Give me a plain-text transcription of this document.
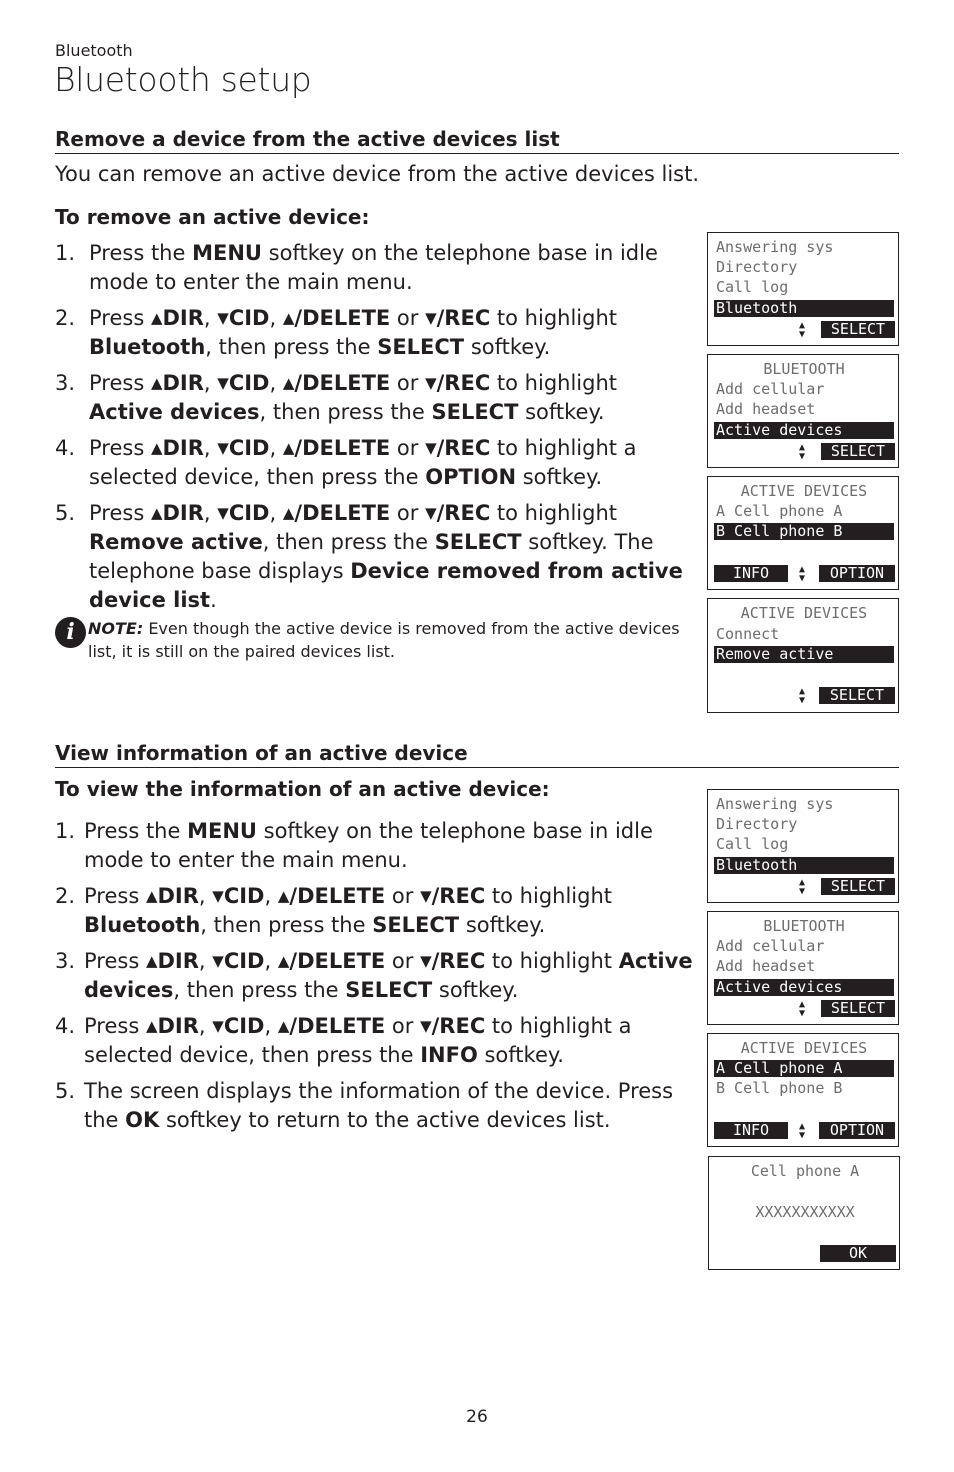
Bluetooth
Bluetooth setup
Remove a device from the active devices list
You can remove an active device from the active devices list.
To remove an active device:
1. Press the MENU softkey on the telephone base in idle mode to enter the main menu.
2. Press ▲DIR, ▼CID, ▲/DELETE or ▼/REC to highlight Bluetooth, then press the SELECT softkey.
3. Press ▲DIR, ▼CID, ▲/DELETE or ▼/REC to highlight Active devices, then press the SELECT softkey.
4. Press ▲DIR, ▼CID, ▲/DELETE or ▼/REC to highlight a selected device, then press the OPTION softkey.
5. Press ▲DIR, ▼CID, ▲/DELETE or ▼/REC to highlight Remove active, then press the SELECT softkey. The telephone base displays Device removed from active device list.
i NOTE: Even though the active device is removed from the active devices list, it is still on the paired devices list.
View information of an active device
To view the information of an active device:
1. Press the MENU softkey on the telephone base in idle mode to enter the main menu.
2. Press ▲DIR, ▼CID, ▲/DELETE or ▼/REC to highlight Bluetooth, then press the SELECT softkey.
3. Press ▲DIR, ▼CID, ▲/DELETE or ▼/REC to highlight Active devices, then press the SELECT softkey.
4. Press ▲DIR, ▼CID, ▲/DELETE or ▼/REC to highlight a selected device, then press the INFO softkey.
5. The screen displays the information of the device. Press the OK softkey to return to the active devices list.
Answering sys
Directory
Call log
Bluetooth
▲
▼	SELECT
BLUETOOTH
Add cellular
Add headset
Active devices
▲
▼	SELECT
ACTIVE DEVICES
A Cell phone A
B Cell phone B
INFO	▲
▼	OPTION
ACTIVE DEVICES
Connect
Remove active
▲
▼	SELECT
Answering sys
Directory
Call log
Bluetooth
▲
▼	SELECT
BLUETOOTH
Add cellular
Add headset
Active devices
▲
▼	SELECT
ACTIVE DEVICES
A Cell phone A
B Cell phone B
INFO	▲
▼	OPTION
Cell phone A
XXXXXXXXXXX
OK
26
